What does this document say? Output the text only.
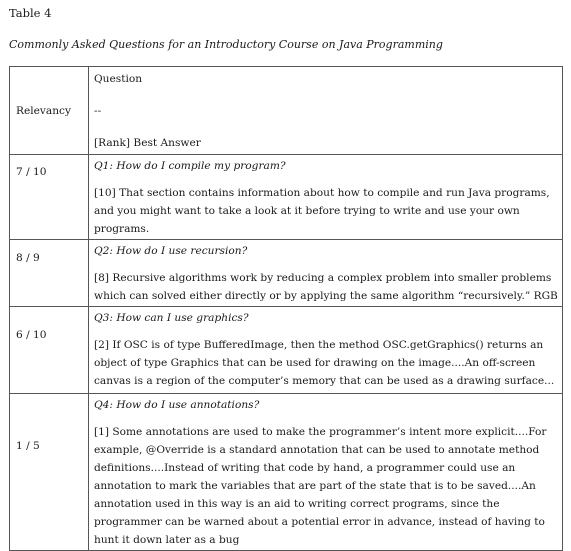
Table 4
Commonly Asked Questions for an Introductory Course on Java Programming
Relevancy	Question
--
[Rank] Best Answer

7 / 10	Q1: How do I compile my program?
[10] That section contains information about how to compile and run Java programs, and you might want to take a look at it before trying to write and use your own programs.

8 / 9	Q2: How do I use recursion?
[8] Recursive algorithms work by reducing a complex problem into smaller problems which can solved either directly or by applying the same algorithm “recursively.” RGB

6 / 10	Q3: How can I use graphics?
[2] If OSC is of type BufferedImage, then the method OSC.getGraphics() returns an object of type Graphics that can be used for drawing on the image....An off-screen canvas is a region of the computer’s memory that can be used as a drawing surface...

1 / 5	Q4: How do I use annotations?
[1] Some annotations are used to make the programmer’s intent more explicit....For example, @Override is a standard annotation that can be used to annotate method definitions....Instead of writing that code by hand, a programmer could use an annotation to mark the variables that are part of the state that is to be saved....An annotation used in this way is an aid to writing correct programs, since the programmer can be warned about a potential error in advance, instead of having to hunt it down later as a bug
